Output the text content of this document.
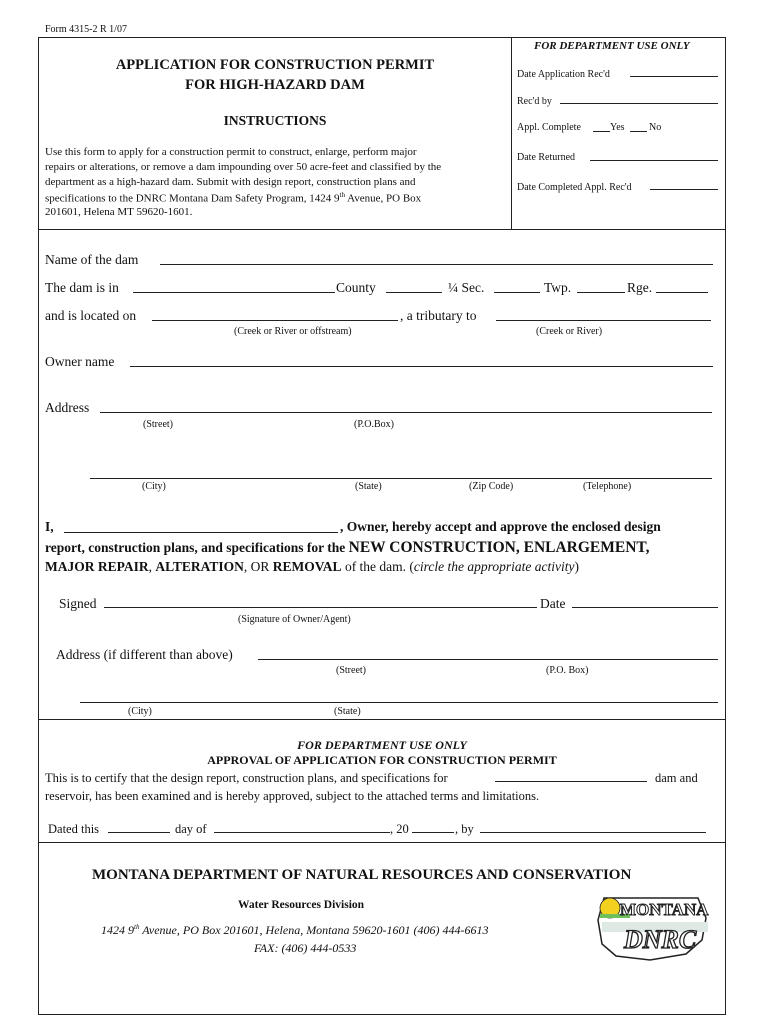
Form 4315-2 R 1/07
FOR DEPARTMENT USE ONLY
Date Application Rec'd
Rec'd by
Appl. Complete	Yes No
Date Returned
Date Completed Appl. Rec'd
APPLICATION FOR CONSTRUCTION PERMIT
FOR HIGH-HAZARD DAM
INSTRUCTIONS
Use this form to apply for a construction permit to construct, enlarge, perform major
repairs or alterations, or remove a dam impounding over 50 acre-feet and classified by the
department as a high-hazard dam. Submit with design report, construction plans and
specifications to the DNRC Montana Dam Safety Program, 1424 9th Avenue, PO Box
201601, Helena MT 59620-1601.
Name of the dam
The dam is in	County	¼ Sec.	Twp.	Rge.
and is located on	, a tributary to
(Creek or River or offstream)	(Creek or River)
Owner name
Address
(Street)	(P.O.Box)
(City)	(State)	(Zip Code)	(Telephone)
I,	, Owner, hereby accept and approve the enclosed design
report, construction plans, and specifications for the NEW CONSTRUCTION, ENLARGEMENT,
MAJOR REPAIR, ALTERATION, OR REMOVAL of the dam. (circle the appropriate activity)
Signed	Date
(Signature of Owner/Agent)
Address (if different than above)
(Street)	(P.O. Box)
(City)	(State)
FOR DEPARTMENT USE ONLY
APPROVAL OF APPLICATION FOR CONSTRUCTION PERMIT
This is to certify that the design report, construction plans, and specifications for	dam and
reservoir, has been examined and is hereby approved, subject to the attached terms and limitations.
Dated this	day of	, 20	, by
MONTANA DEPARTMENT OF NATURAL RESOURCES AND CONSERVATION
Water Resources Division
1424 9th Avenue, PO Box 201601, Helena, Montana 59620-1601 (406) 444-6613
FAX: (406) 444-0533
MONTANA
DNRC
